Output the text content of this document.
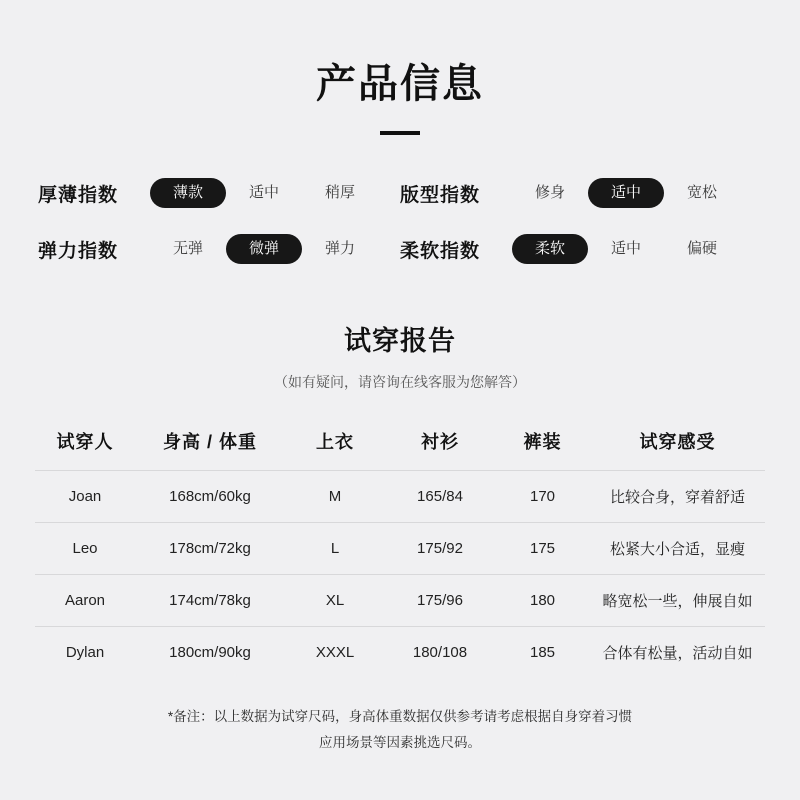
产品信息
厚薄指数	薄款	适中	稍厚	版型指数	修身	适中	宽松
弹力指数	无弹	微弹	弹力	柔软指数	柔软	适中	偏硬
试穿报告
（如有疑问，请咨询在线客服为您解答）
试穿人	身高 / 体重	上衣	衬衫	裤装	试穿感受
Joan	168cm/60kg	M	165/84	170	比较合身，穿着舒适
Leo	178cm/72kg	L	175/92	175	松紧大小合适，显瘦
Aaron	174cm/78kg	XL	175/96	180	略宽松一些，伸展自如
Dylan	180cm/90kg	XXXL	180/108	185	合体有松量，活动自如
*备注：以上数据为试穿尺码，身高体重数据仅供参考请考虑根据自身穿着习惯
应用场景等因素挑选尺码。
